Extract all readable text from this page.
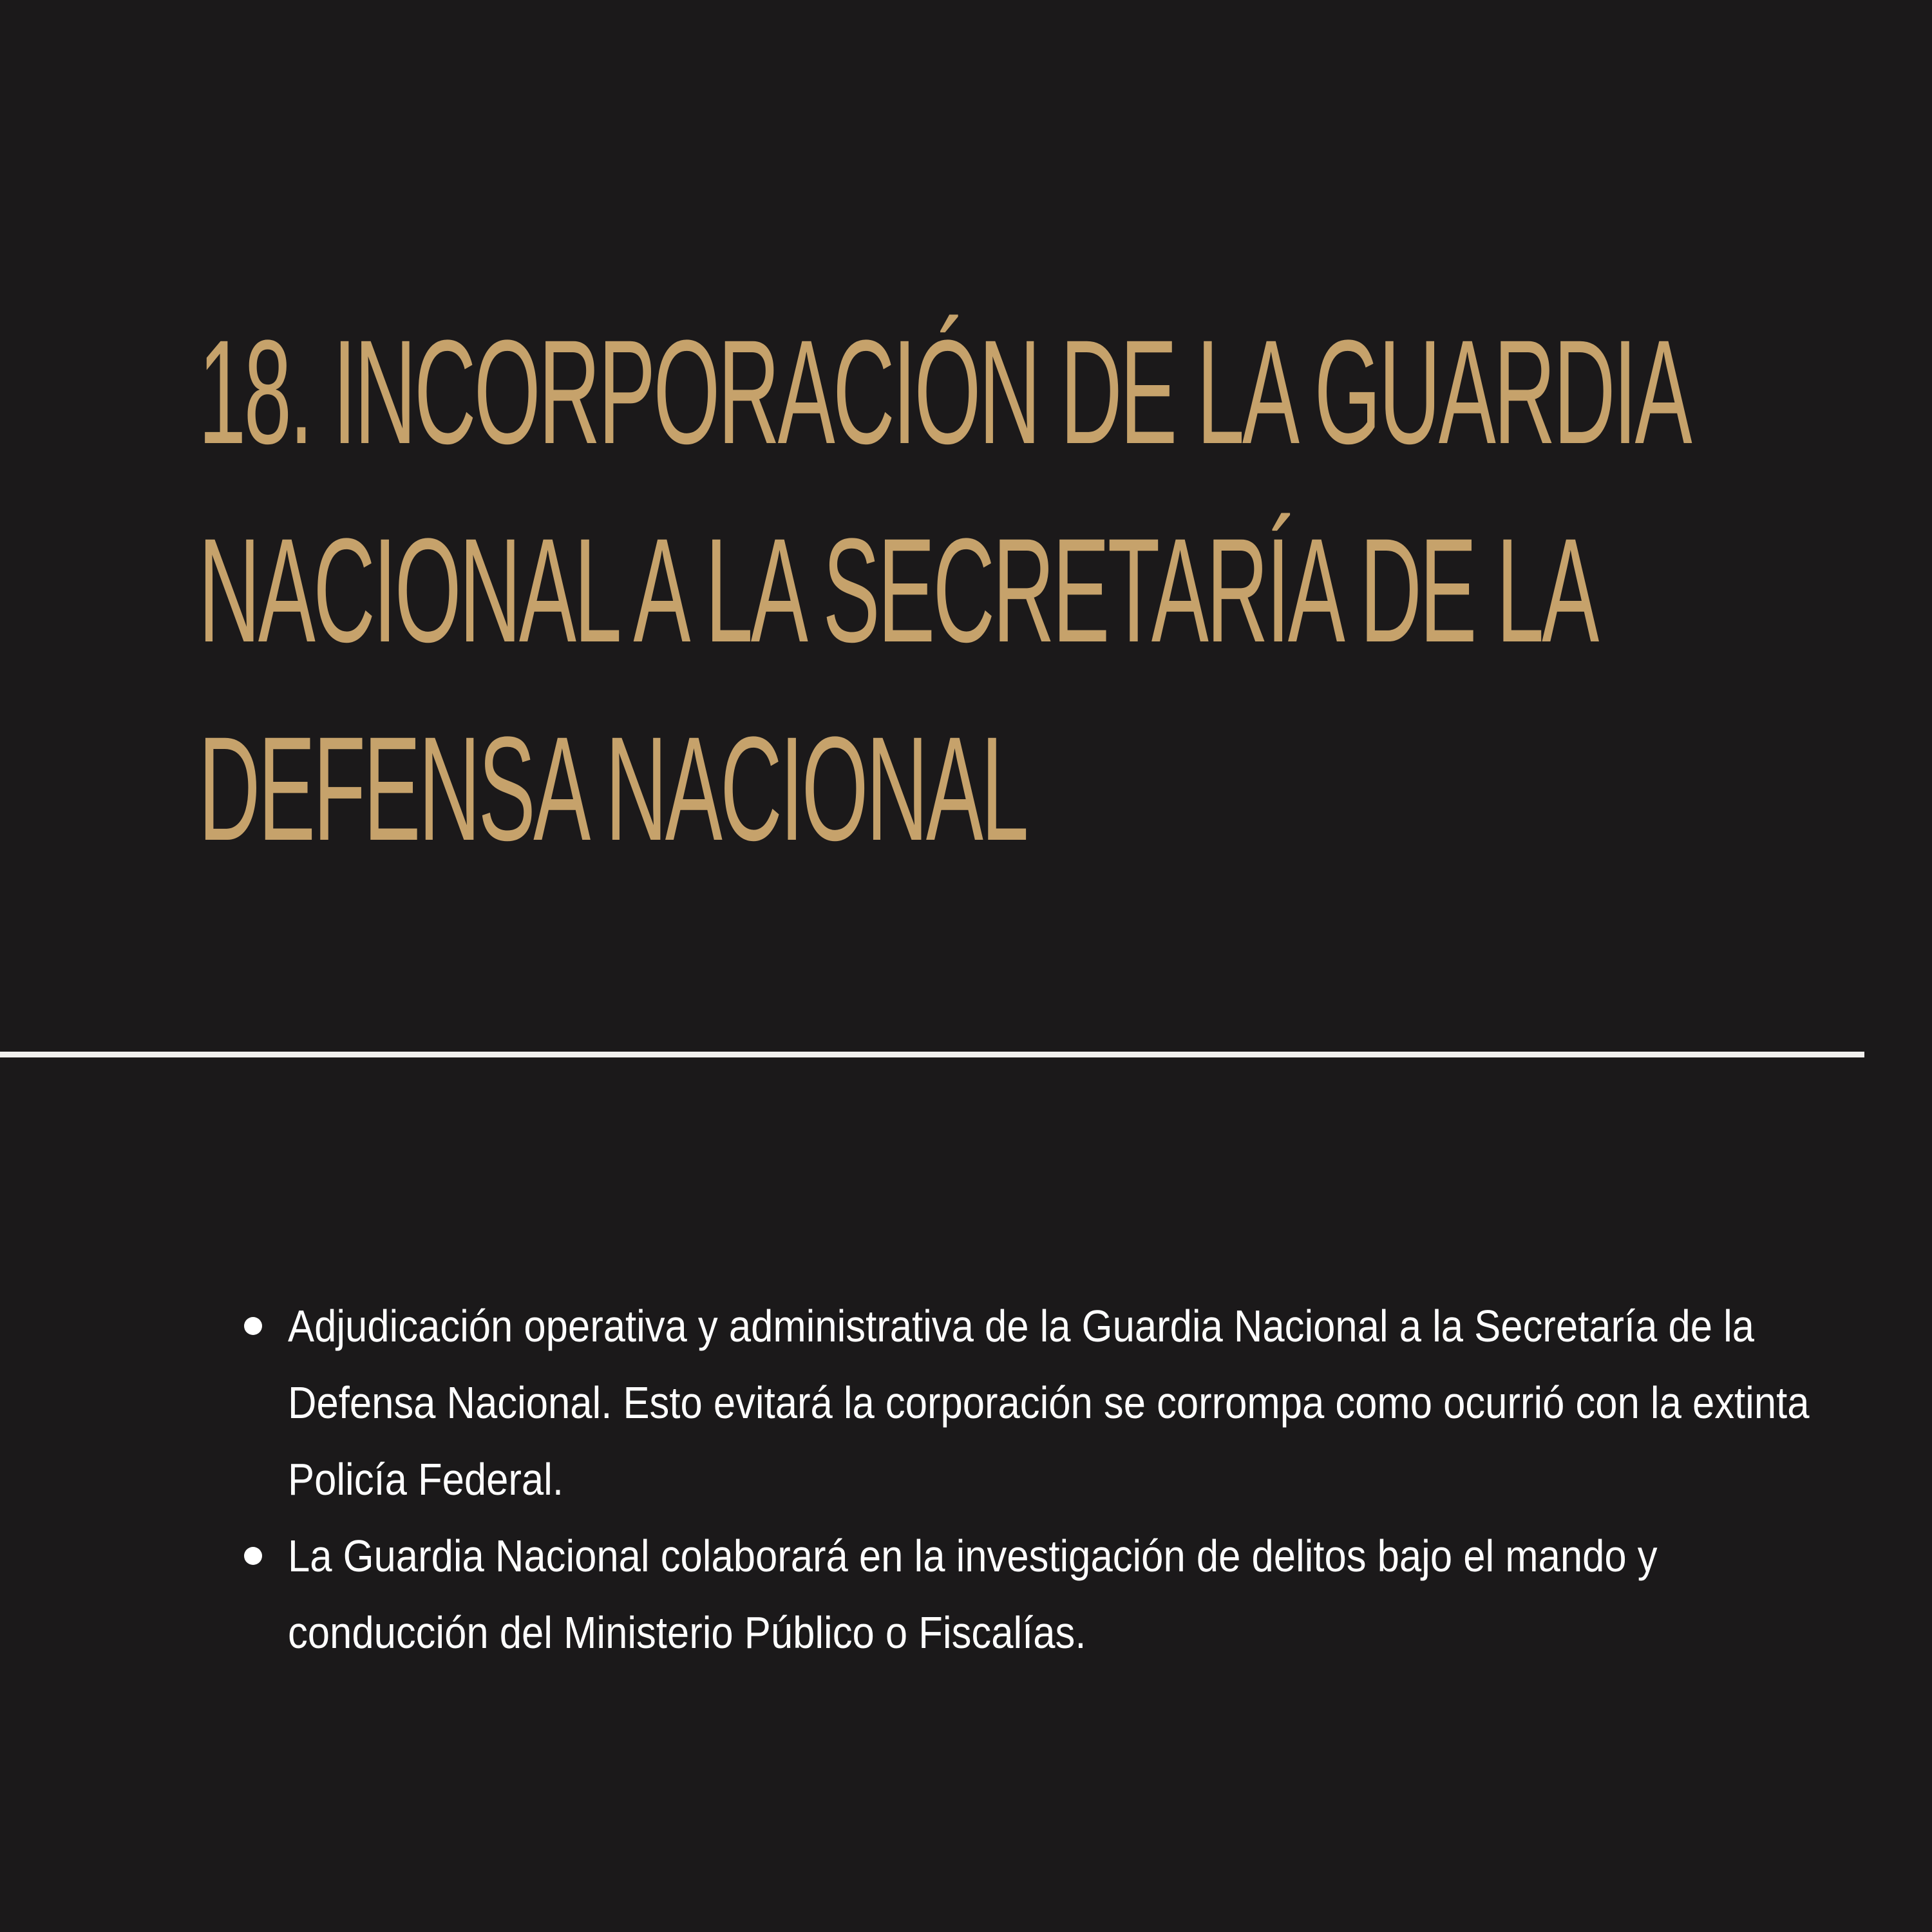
18. INCORPORACIÓN DE LA GUARDIA
NACIONAL A LA SECRETARÍA DE LA
DEFENSA NACIONAL
Adjudicación operativa y administrativa de la Guardia Nacional a la Secretaría de la Defensa Nacional. Esto evitará la corporación se corrompa como ocurrió con la extinta Policía Federal.
La Guardia Nacional colaborará en la investigación de delitos bajo el mando y conducción del Ministerio Público o Fiscalías.
